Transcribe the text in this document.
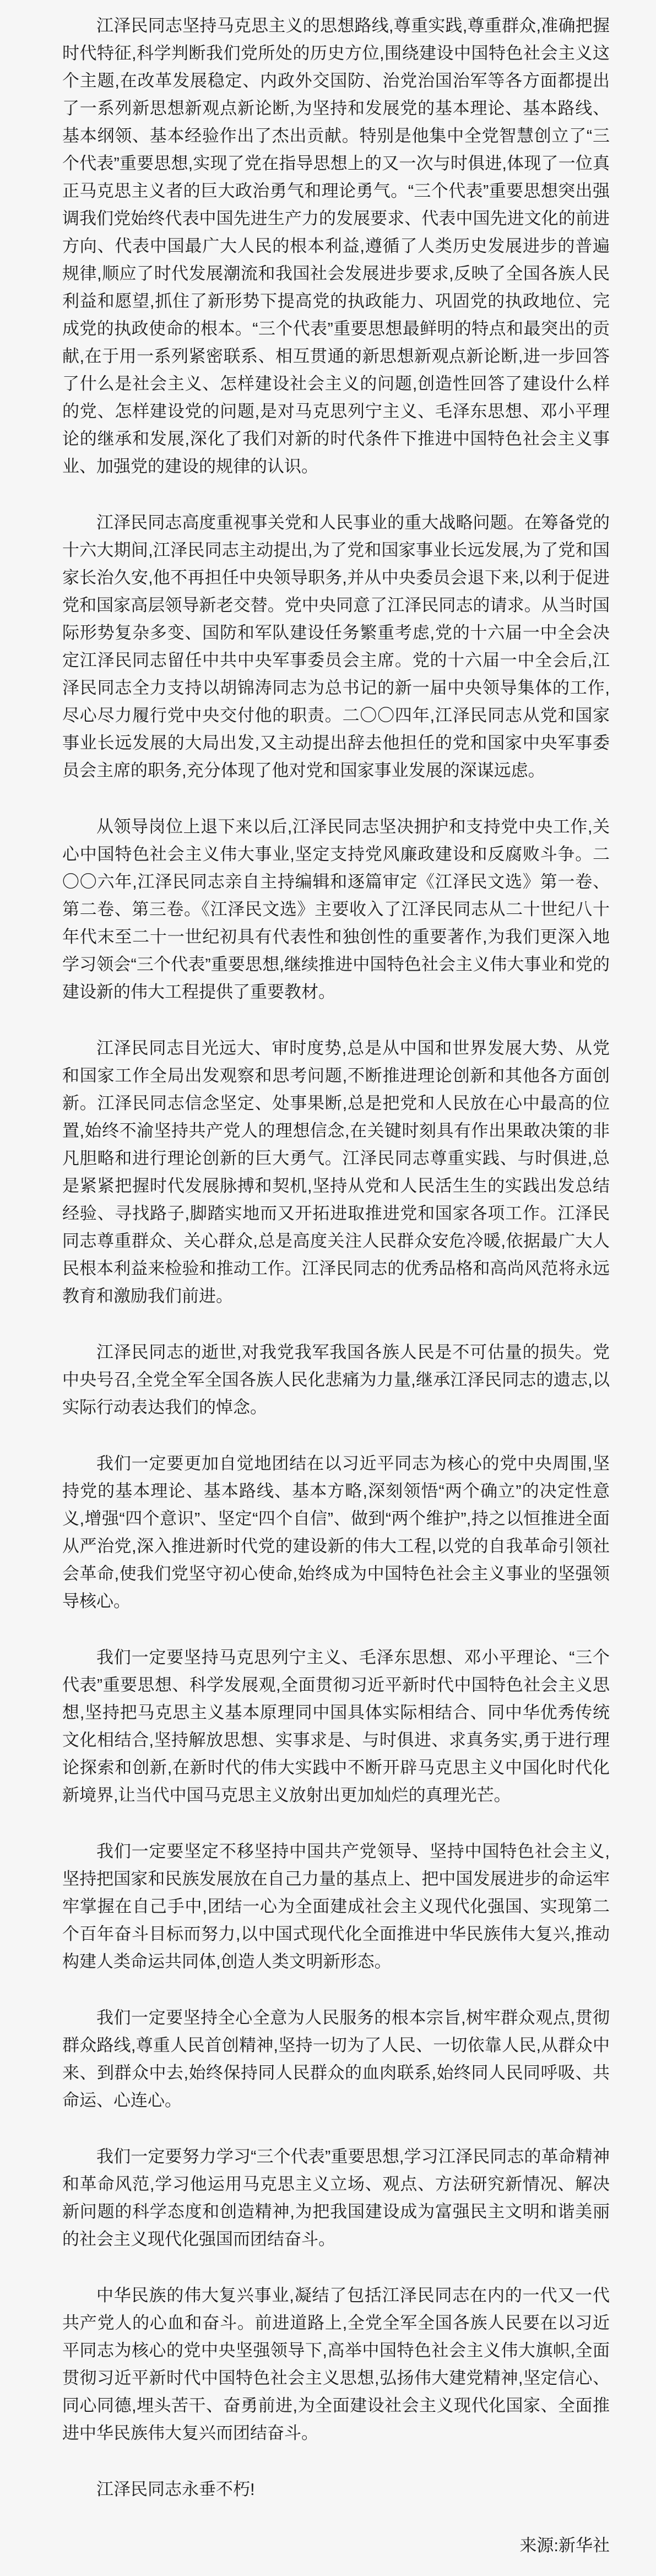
江泽民同志坚持马克思主义的思想路线,尊重实践,尊重群众,准确把握时代特征,科学判断我们党所处的历史方位,围绕建设中国特色社会主义这个主题,在改革发展稳定、内政外交国防、治党治国治军等各方面都提出了一系列新思想新观点新论断,为坚持和发展党的基本理论、基本路线、基本纲领、基本经验作出了杰出贡献。特别是他集中全党智慧创立了“三个代表”重要思想,实现了党在指导思想上的又一次与时俱进,体现了一位真正马克思主义者的巨大政治勇气和理论勇气。“三个代表”重要思想突出强调我们党始终代表中国先进生产力的发展要求、代表中国先进文化的前进方向、代表中国最广大人民的根本利益,遵循了人类历史发展进步的普遍规律,顺应了时代发展潮流和我国社会发展进步要求,反映了全国各族人民利益和愿望,抓住了新形势下提高党的执政能力、巩固党的执政地位、完成党的执政使命的根本。“三个代表”重要思想最鲜明的特点和最突出的贡献,在于用一系列紧密联系、相互贯通的新思想新观点新论断,进一步回答了什么是社会主义、怎样建设社会主义的问题,创造性回答了建设什么样的党、怎样建设党的问题,是对马克思列宁主义、毛泽东思想、邓小平理论的继承和发展,深化了我们对新的时代条件下推进中国特色社会主义事业、加强党的建设的规律的认识。

江泽民同志高度重视事关党和人民事业的重大战略问题。在筹备党的十六大期间,江泽民同志主动提出,为了党和国家事业长远发展,为了党和国家长治久安,他不再担任中央领导职务,并从中央委员会退下来,以利于促进党和国家高层领导新老交替。党中央同意了江泽民同志的请求。从当时国际形势复杂多变、国防和军队建设任务繁重考虑,党的十六届一中全会决定江泽民同志留任中共中央军事委员会主席。党的十六届一中全会后,江泽民同志全力支持以胡锦涛同志为总书记的新一届中央领导集体的工作,尽心尽力履行党中央交付他的职责。二〇〇四年,江泽民同志从党和国家事业长远发展的大局出发,又主动提出辞去他担任的党和国家中央军事委员会主席的职务,充分体现了他对党和国家事业发展的深谋远虑。

从领导岗位上退下来以后,江泽民同志坚决拥护和支持党中央工作,关心中国特色社会主义伟大事业,坚定支持党风廉政建设和反腐败斗争。二〇〇六年,江泽民同志亲自主持编辑和逐篇审定《江泽民文选》第一卷、第二卷、第三卷。《江泽民文选》主要收入了江泽民同志从二十世纪八十年代末至二十一世纪初具有代表性和独创性的重要著作,为我们更深入地学习领会“三个代表”重要思想,继续推进中国特色社会主义伟大事业和党的建设新的伟大工程提供了重要教材。

江泽民同志目光远大、审时度势,总是从中国和世界发展大势、从党和国家工作全局出发观察和思考问题,不断推进理论创新和其他各方面创新。江泽民同志信念坚定、处事果断,总是把党和人民放在心中最高的位置,始终不渝坚持共产党人的理想信念,在关键时刻具有作出果敢决策的非凡胆略和进行理论创新的巨大勇气。江泽民同志尊重实践、与时俱进,总是紧紧把握时代发展脉搏和契机,坚持从党和人民活生生的实践出发总结经验、寻找路子,脚踏实地而又开拓进取推进党和国家各项工作。江泽民同志尊重群众、关心群众,总是高度关注人民群众安危冷暖,依据最广大人民根本利益来检验和推动工作。江泽民同志的优秀品格和高尚风范将永远教育和激励我们前进。

江泽民同志的逝世,对我党我军我国各族人民是不可估量的损失。党中央号召,全党全军全国各族人民化悲痛为力量,继承江泽民同志的遗志,以实际行动表达我们的悼念。

我们一定要更加自觉地团结在以习近平同志为核心的党中央周围,坚持党的基本理论、基本路线、基本方略,深刻领悟“两个确立”的决定性意义,增强“四个意识”、坚定“四个自信”、做到“两个维护”,持之以恒推进全面从严治党,深入推进新时代党的建设新的伟大工程,以党的自我革命引领社会革命,使我们党坚守初心使命,始终成为中国特色社会主义事业的坚强领导核心。

我们一定要坚持马克思列宁主义、毛泽东思想、邓小平理论、“三个代表”重要思想、科学发展观,全面贯彻习近平新时代中国特色社会主义思想,坚持把马克思主义基本原理同中国具体实际相结合、同中华优秀传统文化相结合,坚持解放思想、实事求是、与时俱进、求真务实,勇于进行理论探索和创新,在新时代的伟大实践中不断开辟马克思主义中国化时代化新境界,让当代中国马克思主义放射出更加灿烂的真理光芒。

我们一定要坚定不移坚持中国共产党领导、坚持中国特色社会主义,坚持把国家和民族发展放在自己力量的基点上、把中国发展进步的命运牢牢掌握在自己手中,团结一心为全面建成社会主义现代化强国、实现第二个百年奋斗目标而努力,以中国式现代化全面推进中华民族伟大复兴,推动构建人类命运共同体,创造人类文明新形态。

我们一定要坚持全心全意为人民服务的根本宗旨,树牢群众观点,贯彻群众路线,尊重人民首创精神,坚持一切为了人民、一切依靠人民,从群众中来、到群众中去,始终保持同人民群众的血肉联系,始终同人民同呼吸、共命运、心连心。

我们一定要努力学习“三个代表”重要思想,学习江泽民同志的革命精神和革命风范,学习他运用马克思主义立场、观点、方法研究新情况、解决新问题的科学态度和创造精神,为把我国建设成为富强民主文明和谐美丽的社会主义现代化强国而团结奋斗。

中华民族的伟大复兴事业,凝结了包括江泽民同志在内的一代又一代共产党人的心血和奋斗。前进道路上,全党全军全国各族人民要在以习近平同志为核心的党中央坚强领导下,高举中国特色社会主义伟大旗帜,全面贯彻习近平新时代中国特色社会主义思想,弘扬伟大建党精神,坚定信心、同心同德,埋头苦干、奋勇前进,为全面建设社会主义现代化国家、全面推进中华民族伟大复兴而团结奋斗。

江泽民同志永垂不朽!

来源:新华社
